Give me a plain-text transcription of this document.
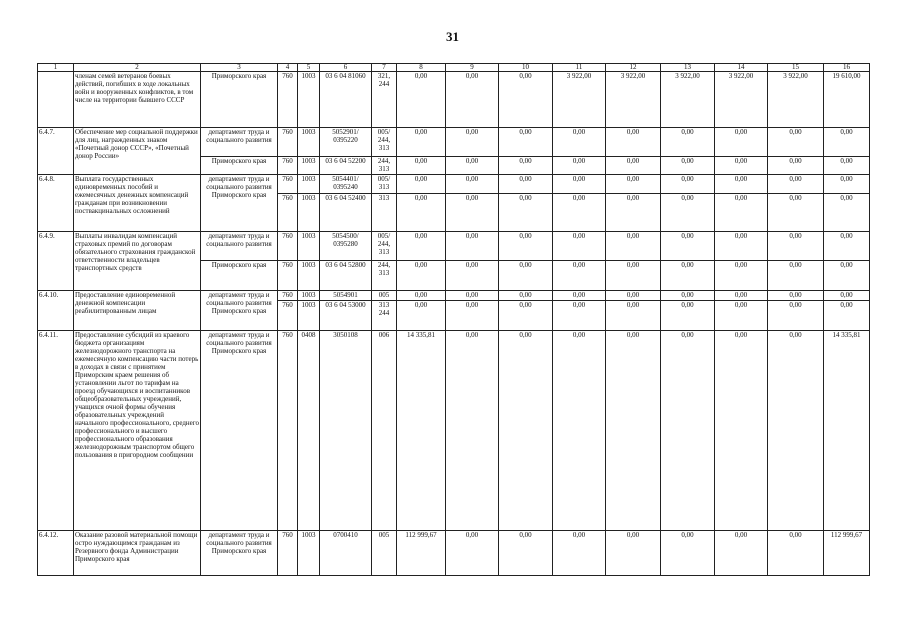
31
1	2	3	4	5	6	7	8	9	10	11	12	13	14	15	16
	членам семей ветеранов боевых действий, погибших в ходе локальных войн и вооруженных конфликтов, в том числе на территории бывшего СССР	Приморского края	760	1003	03 6 04 81060	321, 244	0,00	0,00	0,00	3 922,00	3 922,00	3 922,00	3 922,00	3 922,00	19 610,00
6.4.7.	Обеспечение мер социальной поддержки для лиц, награжденных знаком «Почетный донор СССР», «Почетный донор России»	департамент труда и социального развития	760	1003	5052901/ 0395220	005/ 244, 313	0,00	0,00	0,00	0,00	0,00	0,00	0,00	0,00	0,00
		Приморского края	760	1003	03 6 04 52200	244, 313	0,00	0,00	0,00	0,00	0,00	0,00	0,00	0,00	0,00
6.4.8.	Выплата государственных единовременных пособий и ежемесячных денежных компенсаций гражданам при возникновении поствакцинальных осложнений	департамент труда и социального развития Приморского края	760	1003	5054401/ 0395240	005/ 313	0,00	0,00	0,00	0,00	0,00	0,00	0,00	0,00	0,00
			760	1003	03 6 04 52400	313	0,00	0,00	0,00	0,00	0,00	0,00	0,00	0,00	0,00
6.4.9.	Выплаты инвалидам компенсаций страховых премий по договорам обязательного страхования гражданской ответственности владельцев транспортных средств	департамент труда и социального развития	760	1003	5054500/ 0395280	005/ 244, 313	0,00	0,00	0,00	0,00	0,00	0,00	0,00	0,00	0,00
		Приморского края	760	1003	03 6 04 52800	244, 313	0,00	0,00	0,00	0,00	0,00	0,00	0,00	0,00	0,00
6.4.10.	Предоставление единовременной денежной компенсации реабилитированным лицам	департамент труда и социального развития Приморского края	760	1003	5054901	005	0,00	0,00	0,00	0,00	0,00	0,00	0,00	0,00	0,00
			760	1003	03 6 04 53000	313 244	0,00	0,00	0,00	0,00	0,00	0,00	0,00	0,00	0,00
6.4.11.	Предоставление субсидий из краевого бюджета организациям железнодорожного транспорта на ежемесячную компенсацию части потерь в доходах в связи с принятием Приморским краем решения об установлении льгот по тарифам на проезд обучающихся и воспитанников общеобразовательных учреждений, учащихся очной формы обучения образовательных учреждений начального профессионального, среднего профессионального и высшего профессионального образования железнодорожным транспортом общего пользования в пригородном сообщении	департамент труда и социального развития Приморского края	760	0408	3050108	006	14 335,81	0,00	0,00	0,00	0,00	0,00	0,00	0,00	14 335,81
6.4.12.	Оказание разовой материальной помощи остро нуждающимся гражданам из Резервного фонда Администрации Приморского края	департамент труда и социального развития Приморского края	760	1003	0700410	005	112 999,67	0,00	0,00	0,00	0,00	0,00	0,00	0,00	112 999,67
